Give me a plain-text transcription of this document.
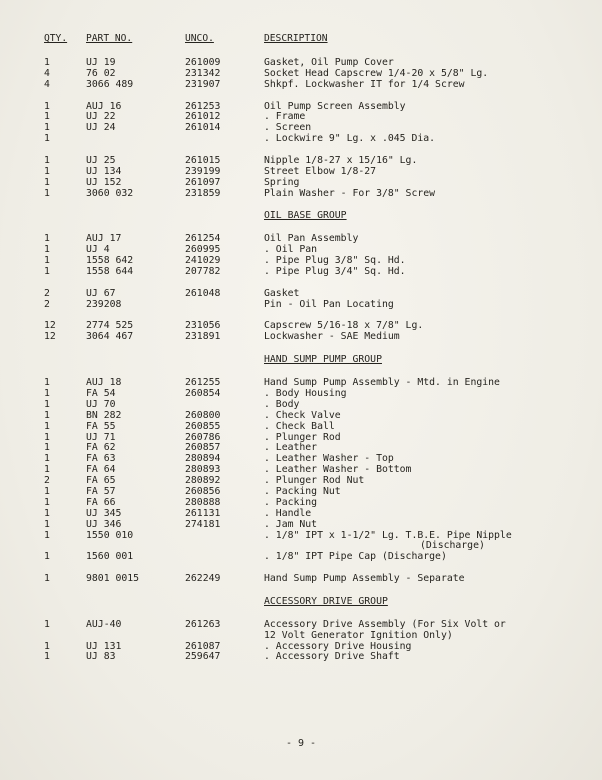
QTY. PART NO.	UNCO.	DESCRIPTION
1	UJ 19	261009	Gasket, Oil Pump Cover
4	76 02	231342	Socket Head Capscrew 1/4-20 x 5/8" Lg.
4	3066 489	231907	Shkpf. Lockwasher IT for 1/4 Screw
1	AUJ 16	261253	Oil Pump Screen Assembly
1	UJ 22	261012	. Frame
1	UJ 24	261014	. Screen
1	. Lockwire 9" Lg. x .045 Dia.
1	UJ 25	261015	Nipple 1/8-27 x 15/16" Lg.
1	UJ 134	239199	Street Elbow 1/8-27
1	UJ 152	261097	Spring
1	3060 032	231859	Plain Washer - For 3/8" Screw
OIL BASE GROUP
1	AUJ 17	261254	Oil Pan Assembly
1	UJ 4	260995	. Oil Pan
1	1558 642	241029	. Pipe Plug 3/8" Sq. Hd.
1	1558 644	207782	. Pipe Plug 3/4" Sq. Hd.
2	UJ 67	261048	Gasket
2	239208	Pin - Oil Pan Locating
12	2774 525	231056	Capscrew 5/16-18 x 7/8" Lg.
12	3064 467	231891	Lockwasher - SAE Medium
HAND SUMP PUMP GROUP
1	AUJ 18	261255	Hand Sump Pump Assembly - Mtd. in Engine
1	FA 54	260854	. Body Housing
1	UJ 70	. Body
1	BN 282	260800	. Check Valve
1	FA 55	260855	. Check Ball
1	UJ 71	260786	. Plunger Rod
1	FA 62	260857	. Leather
1	FA 63	280894	. Leather Washer - Top
1	FA 64	280893	. Leather Washer - Bottom
2	FA 65	280892	. Plunger Rod Nut
1	FA 57	260856	. Packing Nut
1	FA 66	280888	. Packing
1	UJ 345	261131	. Handle
1	UJ 346	274181	. Jam Nut
1	1550 010	. 1/8" IPT x 1-1/2" Lg. T.B.E. Pipe Nipple
(Discharge)
1	1560 001	. 1/8" IPT Pipe Cap (Discharge)
1	9801 0015	262249	Hand Sump Pump Assembly - Separate
ACCESSORY DRIVE GROUP
1	AUJ-40	261263	Accessory Drive Assembly (For Six Volt or
12 Volt Generator Ignition Only)
1	UJ 131	261087	. Accessory Drive Housing
1	UJ 83	259647	. Accessory Drive Shaft
- 9 -
